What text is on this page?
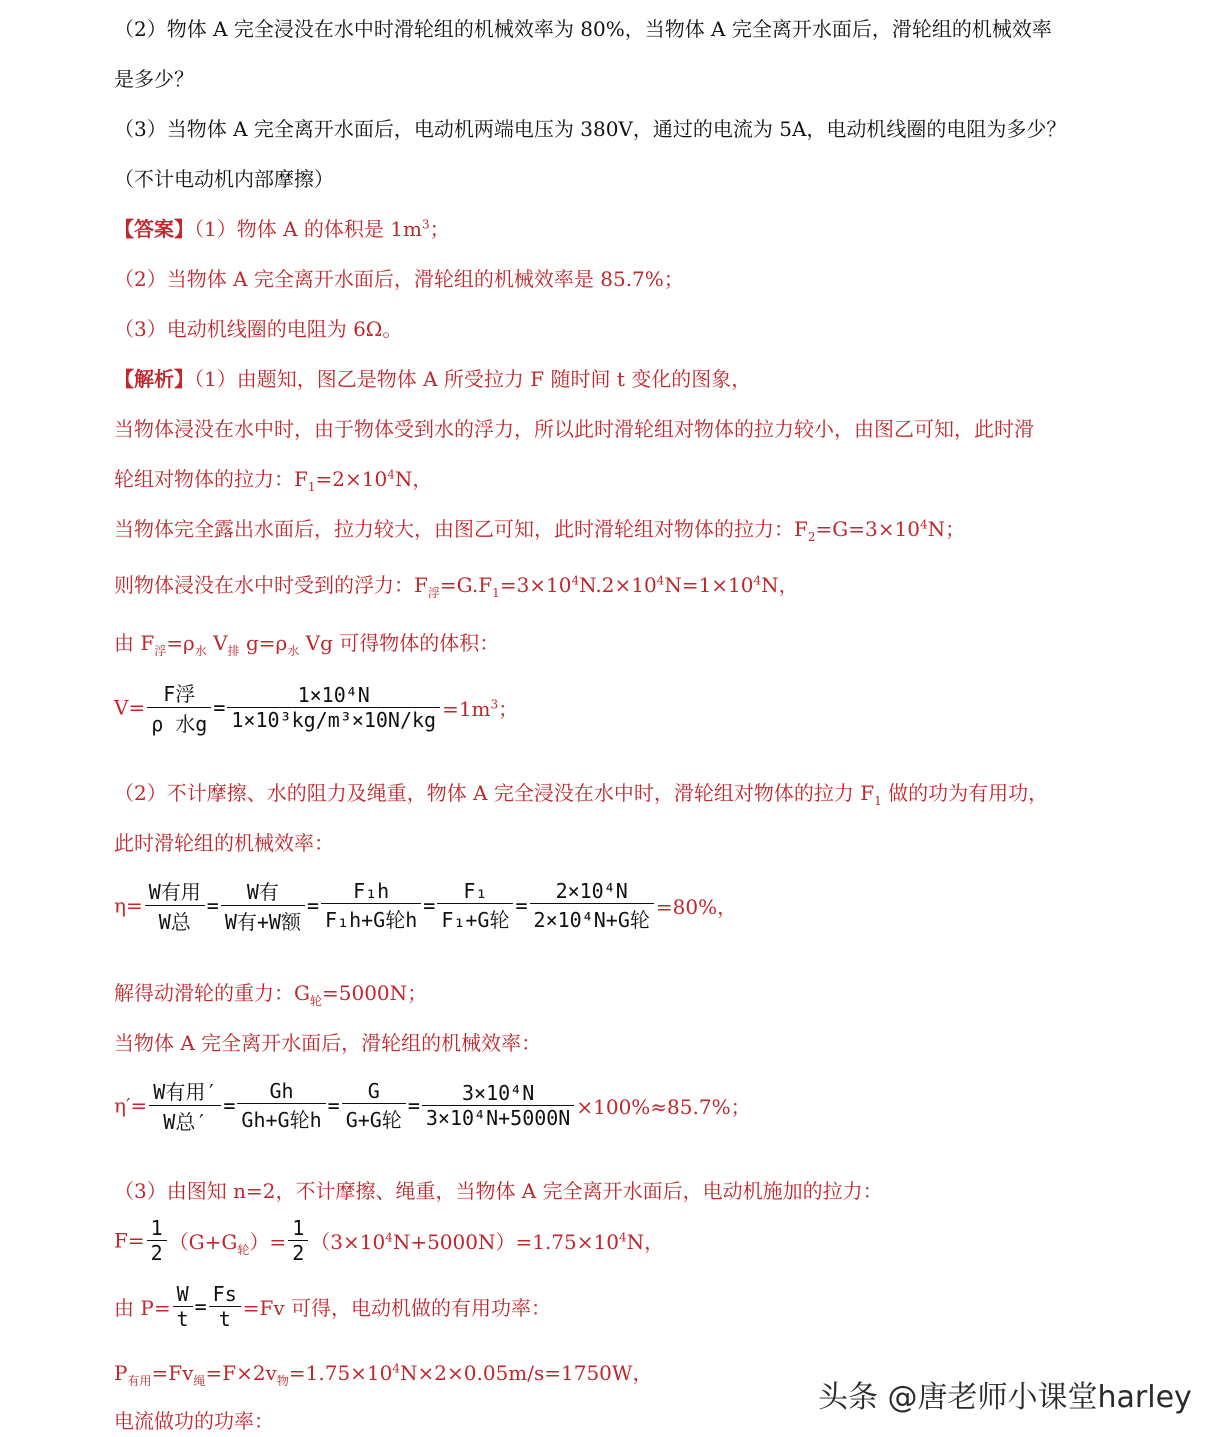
（2）物体 A 完全浸没在水中时滑轮组的机械效率为 80%，当物体 A 完全离开水面后，滑轮组的机械效率
是多少？
（3）当物体 A 完全离开水面后，电动机两端电压为 380V，通过的电流为 5A，电动机线圈的电阻为多少？
（不计电动机内部摩擦）
【答案】（1）物体 A 的体积是 $1m^3$；
（2）当物体 A 完全离开水面后，滑轮组的机械效率是 85.7%；
（3）电动机线圈的电阻为 6Ω。
【解析】（1）由题知，图乙是物体 A 所受拉力 F 随时间 t 变化的图象，
当物体浸没在水中时，由于物体受到水的浮力，所以此时滑轮组对物体的拉力较小，由图乙可知，此时滑
轮组对物体的拉力：$F_1=2\times 10^4N$，
当物体完全露出水面后，拉力较大，由图乙可知，此时滑轮组对物体的拉力：$F_2=G=3\times 10^4N$；
则物体浸没在水中时受到的浮力：$F_浮=G.F_1=3\times 10^4N.2\times 10^4N=1\times 10^4N$，
由 $F_浮=\rho_水$ $V_排$ $g=\rho_水$ Vg 可得物体的体积：
$V= \frac{\text{F浮}}{\text{ρ 水g}} = \frac{\text{1×10⁴N}}{\text{1×10³kg/m³×10N/kg}} =1m^3$；
（2）不计摩擦、水的阻力及绳重，物体 A 完全浸没在水中时，滑轮组对物体的拉力 $F_1$ 做的功为有用功，
此时滑轮组的机械效率：
$\eta= \frac{\text{W有用}}{\text{W总}} = \frac{\text{W有}}{\text{W有+W额}} = \frac{\text{F₁h}}{\text{F₁h+G轮h}} = \frac{\text{F₁}}{\text{F₁+G轮}} = \frac{\text{2×10⁴N}}{\text{2×10⁴N+G轮}} =80\%$，
解得动滑轮的重力：$G_轮=5000N$；
当物体 A 完全离开水面后，滑轮组的机械效率：
$\eta'= \frac{\text{W有用′}}{\text{W总′}} = \frac{Gh}{\text{Gh+G轮h}} = \frac{G}{\text{G+G轮}} = \frac{\text{3×10⁴N}}{\text{3×10⁴N+5000N}} \times 100\%\approx 85.7\%$；
（3）由图知 n=2，不计摩擦、绳重，当物体 A 完全离开水面后，电动机施加的拉力：
$F= \frac{1}{2} (G+G_轮)= \frac{1}{2} (3\times 10^4N+5000N)=1.75\times 10^4N$，
由 $P= \frac{W}{t} = \frac{Fs}{t} =Fv$ 可得，电动机做的有用功率：
$P_{有用}=Fv_绳=F\times 2v_物=1.75\times 10^4N\times 2\times 0.05m/s=1750W$，
电流做功的功率：
头条 @唐老师小课堂harley
